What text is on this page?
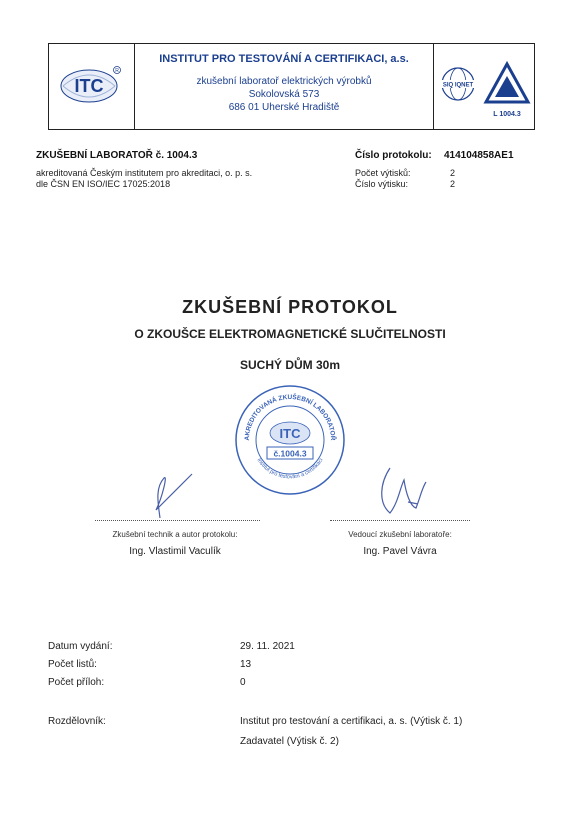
ITC
R
INSTITUT PRO TESTOVÁNÍ A CERTIFIKACI, a.s.
zkušební laboratoř elektrických výrobků
Sokolovská 573
686 01 Uherské Hradiště
SIQ IQNET
L 1004.3
ZKUŠEBNÍ LABORATOŘ č. 1004.3
akreditovaná Českým institutem pro akreditaci, o. p. s.
dle ČSN EN ISO/IEC 17025:2018
Číslo protokolu: 414104858AE1
Počet výtisků:	2
Číslo výtisku:	2
ZKUŠEBNÍ PROTOKOL
O ZKOUŠCE ELEKTROMAGNETICKÉ SLUČITELNOSTI
SUCHÝ DŮM 30m
AKREDITOVANÁ ZKUŠEBNÍ LABORATOŘ
Institut pro testování a certifikaci
ITC
č.1004.3
Zkušební technik a autor protokolu:
Ing. Vlastimil Vaculík
Vedoucí zkušební laboratoře:
Ing. Pavel Vávra
Datum vydání:	29. 11. 2021
Počet listů:	13
Počet příloh:	0
Rozdělovník:	Institut pro testování a certifikaci, a. s. (Výtisk č. 1)
Zadavatel (Výtisk č. 2)
